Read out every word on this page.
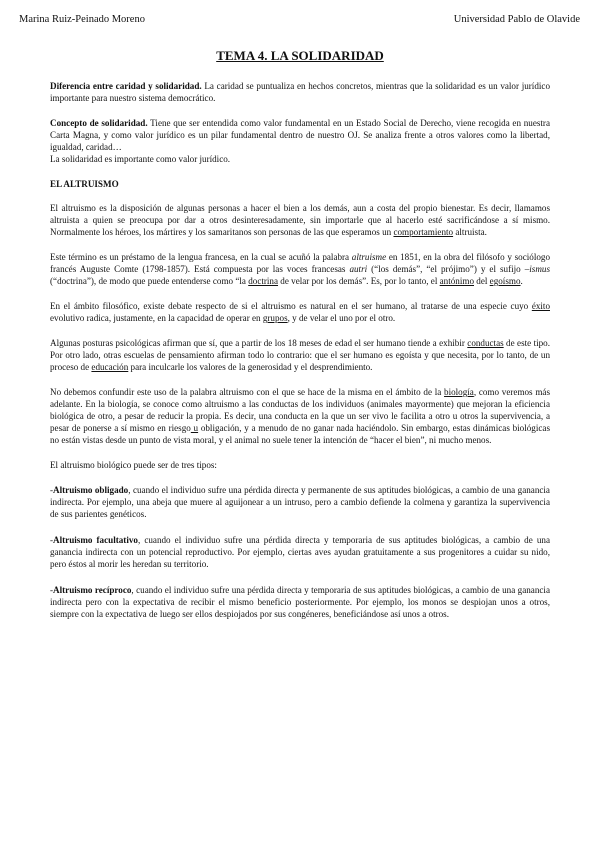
Marina Ruiz-Peinado Moreno	Universidad Pablo de Olavide
TEMA 4. LA SOLIDARIDAD

Diferencia entre caridad y solidaridad. La caridad se puntualiza en hechos concretos, mientras que la solidaridad es un valor jurídico importante para nuestro sistema democrático.

Concepto de solidaridad. Tiene que ser entendida como valor fundamental en un Estado Social de Derecho, viene recogida en nuestra Carta Magna, y como valor jurídico es un pilar fundamental dentro de nuestro OJ. Se analiza frente a otros valores como la libertad, igualdad, caridad…
La solidaridad es importante como valor jurídico.

EL ALTRUISMO

El altruismo es la disposición de algunas personas a hacer el bien a los demás, aun a costa del propio bienestar. Es decir, llamamos altruista a quien se preocupa por dar a otros desinteresadamente, sin importarle que al hacerlo esté sacrificándose a sí mismo. Normalmente los héroes, los mártires y los samaritanos son personas de las que esperamos un comportamiento altruista.

Este término es un préstamo de la lengua francesa, en la cual se acuñó la palabra altruisme en 1851, en la obra del filósofo y sociólogo francés Auguste Comte (1798-1857). Está compuesta por las voces francesas autri (“los demás”, “el prójimo”) y el sufijo –ismus (“doctrina”), de modo que puede entenderse como “la doctrina de velar por los demás”. Es, por lo tanto, el antónimo del egoísmo.

En el ámbito filosófico, existe debate respecto de si el altruismo es natural en el ser humano, al tratarse de una especie cuyo éxito evolutivo radica, justamente, en la capacidad de operar en grupos, y de velar el uno por el otro.

Algunas posturas psicológicas afirman que sí, que a partir de los 18 meses de edad el ser humano tiende a exhibir conductas de este tipo. Por otro lado, otras escuelas de pensamiento afirman todo lo contrario: que el ser humano es egoísta y que necesita, por lo tanto, de un proceso de educación para inculcarle los valores de la generosidad y el desprendimiento.

No debemos confundir este uso de la palabra altruismo con el que se hace de la misma en el ámbito de la biología, como veremos más adelante. En la biología, se conoce como altruismo a las conductas de los individuos (animales mayormente) que mejoran la eficiencia biológica de otro, a pesar de reducir la propia. Es decir, una conducta en la que un ser vivo le facilita a otro u otros la supervivencia, a pesar de ponerse a sí mismo en riesgo u obligación, y a menudo de no ganar nada haciéndolo. Sin embargo, estas dinámicas biológicas no están vistas desde un punto de vista moral, y el animal no suele tener la intención de “hacer el bien”, ni mucho menos.

El altruismo biológico puede ser de tres tipos:

-Altruismo obligado, cuando el individuo sufre una pérdida directa y permanente de sus aptitudes biológicas, a cambio de una ganancia indirecta. Por ejemplo, una abeja que muere al aguijonear a un intruso, pero a cambio defiende la colmena y garantiza la supervivencia de sus parientes genéticos.

-Altruismo facultativo, cuando el individuo sufre una pérdida directa y temporaria de sus aptitudes biológicas, a cambio de una ganancia indirecta con un potencial reproductivo. Por ejemplo, ciertas aves ayudan gratuitamente a sus progenitores a cuidar su nido, pero éstos al morir les heredan su territorio.

-Altruismo recíproco, cuando el individuo sufre una pérdida directa y temporaria de sus aptitudes biológicas, a cambio de una ganancia indirecta pero con la expectativa de recibir el mismo beneficio posteriormente. Por ejemplo, los monos se despiojan unos a otros, siempre con la expectativa de luego ser ellos despiojados por sus congéneres, beneficiándose así unos a otros.
